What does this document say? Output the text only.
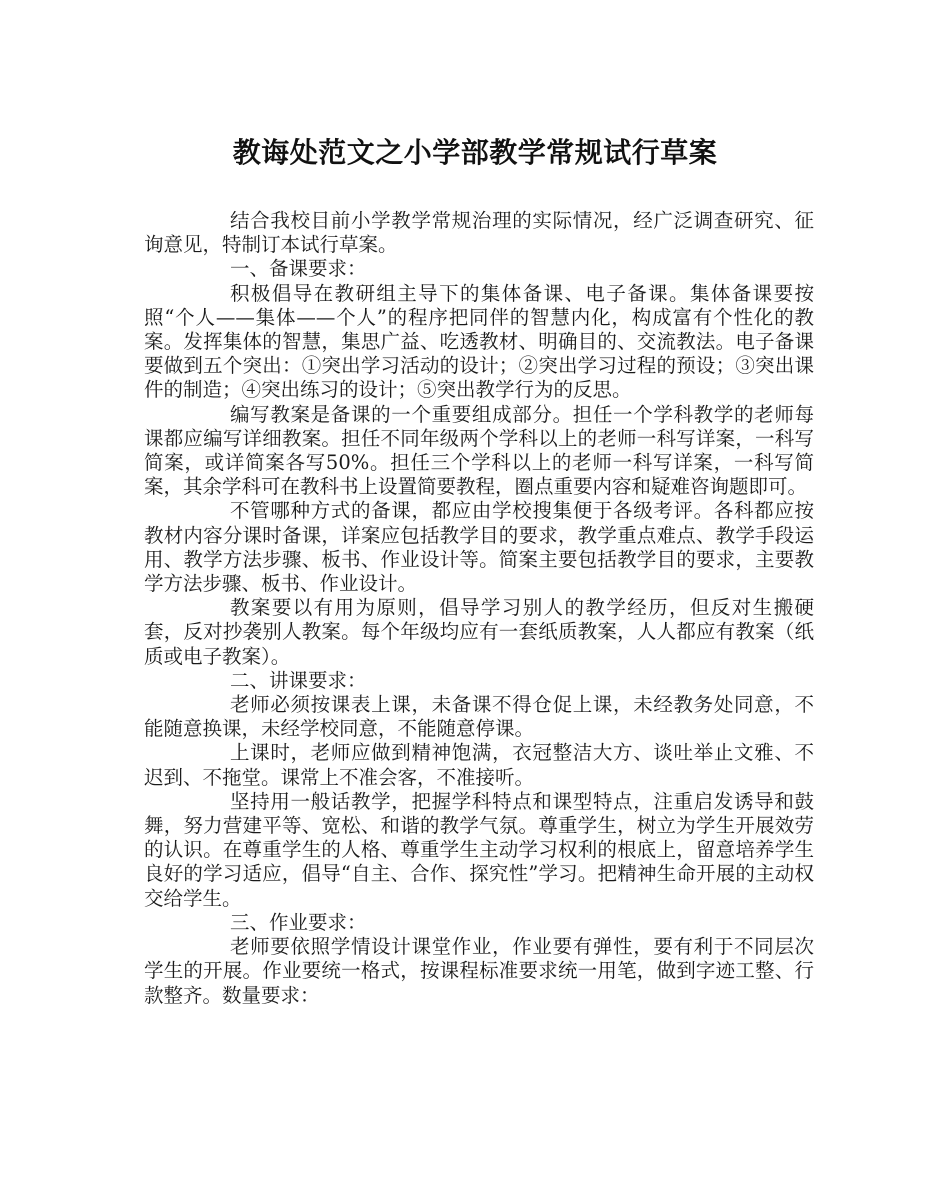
教诲处范文之小学部教学常规试行草案

结合我校目前小学教学常规治理的实际情况，经广泛调查研究、征询意见，特制订本试行草案。

一、备课要求：

积极倡导在教研组主导下的集体备课、电子备课。集体备课要按照“个人——集体——个人”的程序把同伴的智慧内化，构成富有个性化的教案。发挥集体的智慧，集思广益、吃透教材、明确目的、交流教法。电子备课要做到五个突出：①突出学习活动的设计；②突出学习过程的预设；③突出课件的制造；④突出练习的设计；⑤突出教学行为的反思。

编写教案是备课的一个重要组成部分。担任一个学科教学的老师每课都应编写详细教案。担任不同年级两个学科以上的老师一科写详案，一科写简案，或详简案各写50%。担任三个学科以上的老师一科写详案，一科写简案，其余学科可在教科书上设置简要教程，圈点重要内容和疑难咨询题即可。

不管哪种方式的备课，都应由学校搜集便于各级考评。各科都应按教材内容分课时备课，详案应包括教学目的要求，教学重点难点、教学手段运用、教学方法步骤、板书、作业设计等。简案主要包括教学目的要求，主要教学方法步骤、板书、作业设计。

教案要以有用为原则，倡导学习别人的教学经历，但反对生搬硬套，反对抄袭别人教案。每个年级均应有一套纸质教案，人人都应有教案（纸质或电子教案）。

二、讲课要求：

老师必须按课表上课，未备课不得仓促上课，未经教务处同意，不能随意换课，未经学校同意，不能随意停课。

上课时，老师应做到精神饱满，衣冠整洁大方、谈吐举止文雅、不迟到、不拖堂。课常上不准会客，不准接听。

坚持用一般话教学，把握学科特点和课型特点，注重启发诱导和鼓舞，努力营建平等、宽松、和谐的教学气氛。尊重学生，树立为学生开展效劳的认识。在尊重学生的人格、尊重学生主动学习权利的根底上，留意培养学生良好的学习适应，倡导“自主、合作、探究性”学习。把精神生命开展的主动权交给学生。

三、作业要求：

老师要依照学情设计课堂作业，作业要有弹性，要有利于不同层次学生的开展。作业要统一格式，按课程标准要求统一用笔，做到字迹工整、行款整齐。数量要求：
